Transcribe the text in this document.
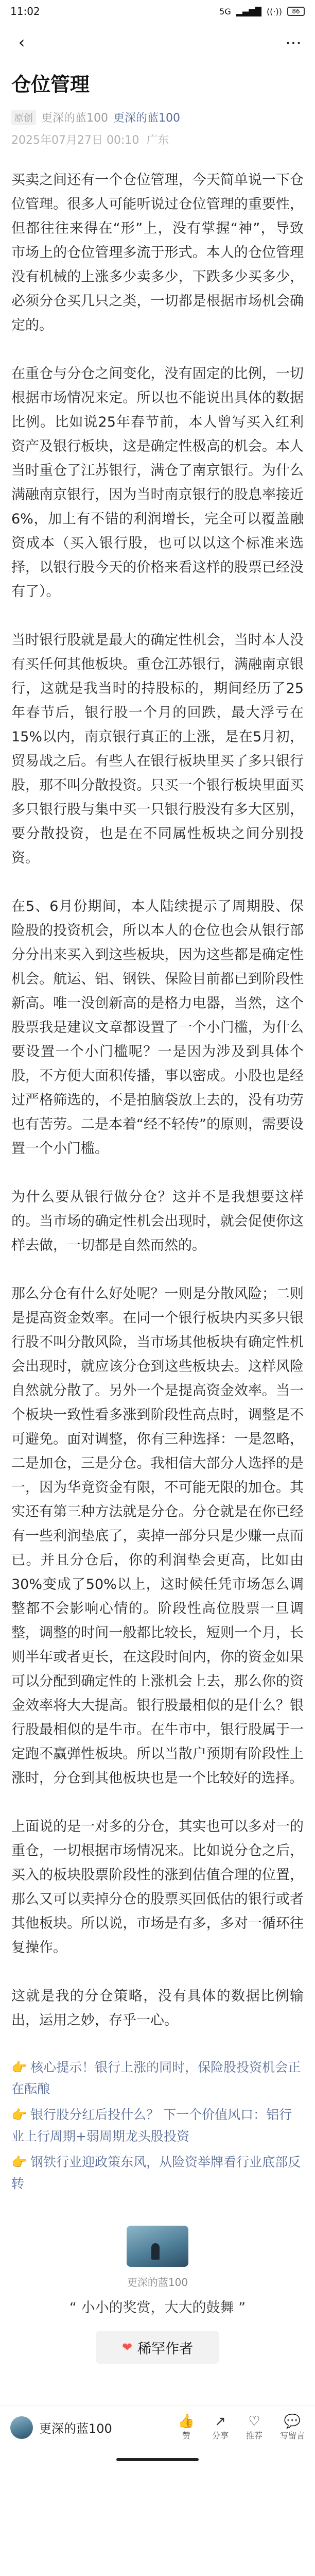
11:02	5G ▂▄▆█ ((·))	86
‹	⋯
仓位管理
原创 更深的蓝100 更深的蓝100
2025年07月27日 00:10 广东

买卖之间还有一个仓位管理，今天简单说一下仓位管理。很多人可能听说过仓位管理的重要性，但都往往来得在“形”上，没有掌握“神”，导致市场上的仓位管理多流于形式。本人的仓位管理没有机械的上涨多少卖多少，下跌多少买多少，必须分仓买几只之类，一切都是根据市场机会确定的。

在重仓与分仓之间变化，没有固定的比例，一切根据市场情况来定。所以也不能说出具体的数据比例。比如说25年春节前，本人曾写买入红利资产及银行板块，这是确定性极高的机会。本人当时重仓了江苏银行，满仓了南京银行。为什么满融南京银行，因为当时南京银行的股息率接近6%，加上有不错的利润增长，完全可以覆盖融资成本（买入银行股，也可以以这个标准来选择，以银行股今天的价格来看这样的股票已经没有了）。

当时银行股就是最大的确定性机会，当时本人没有买任何其他板块。重仓江苏银行，满融南京银行，这就是我当时的持股标的，期间经历了25年春节后，银行股一个月的回跌，最大浮亏在15%以内，南京银行真正的上涨，是在5月初，贸易战之后。有些人在银行板块里买了多只银行股，那不叫分散投资。只买一个银行板块里面买多只银行股与集中买一只银行股没有多大区别，要分散投资，也是在不同属性板块之间分别投资。

在5、6月份期间，本人陆续提示了周期股、保险股的投资机会，所以本人的仓位也会从银行部分分出来买入到这些板块，因为这些都是确定性机会。航运、铝、钢铁、保险目前都已到阶段性新高。唯一没创新高的是格力电器，当然，这个股票我是建议文章都设置了一个小门槛，为什么要设置一个小门槛呢？一是因为涉及到具体个股，不方便大面积传播，事以密成。小股也是经过严格筛选的，不是拍脑袋放上去的，没有功劳也有苦劳。二是本着“经不轻传”的原则，需要设置一个小门槛。

为什么要从银行做分仓？这并不是我想要这样的。当市场的确定性机会出现时，就会促使你这样去做，一切都是自然而然的。

那么分仓有什么好处呢？一则是分散风险；二则是提高资金效率。在同一个银行板块内买多只银行股不叫分散风险，当市场其他板块有确定性机会出现时，就应该分仓到这些板块去。这样风险自然就分散了。另外一个是提高资金效率。当一个板块一致性看多涨到阶段性高点时，调整是不可避免。面对调整，你有三种选择：一是忽略，二是加仓，三是分仓。我相信大部分人选择的是一，因为华竟资金有限，不可能无限的加仓。其实还有第三种方法就是分仓。分仓就是在你已经有一些利润垫底了，卖掉一部分只是少赚一点而已。并且分仓后，你的利润垫会更高，比如由30%变成了50%以上，这时候任凭市场怎么调整都不会影响心情的。阶段性高位股票一旦调整，调整的时间一般都比较长，短则一个月，长则半年或者更长，在这段时间内，你的资金如果可以分配到确定性的上涨机会上去，那么你的资金效率将大大提高。银行股最相似的是什么？银行股最相似的是牛市。在牛市中，银行股属于一定跑不赢弹性板块。所以当散户预期有阶段性上涨时，分仓到其他板块也是一个比较好的选择。

上面说的是一对多的分仓，其实也可以多对一的重仓，一切根据市场情况来。比如说分仓之后，买入的板块股票阶段性的涨到估值合理的位置，那么又可以卖掉分仓的股票买回低估的银行或者其他板块。所以说，市场是有多，多对一循环往复操作。

这就是我的分仓策略，没有具体的数据比例输出，运用之妙，存乎一心。

👉 核心提示！银行上涨的同时，保险股投资机会正在酝酿
👉 银行股分红后投什么？ 下一个价值风口：铝行业上行周期+弱周期龙头股投资
👉 钢铁行业迎政策东风，从险资举牌看行业底部反转
更深的蓝100
“ 小小的奖赏，大大的鼓舞 ”
❤ 稀罕作者
更深的蓝100	👍
赞
↗
分享
♡
推荐
💬
写留言
